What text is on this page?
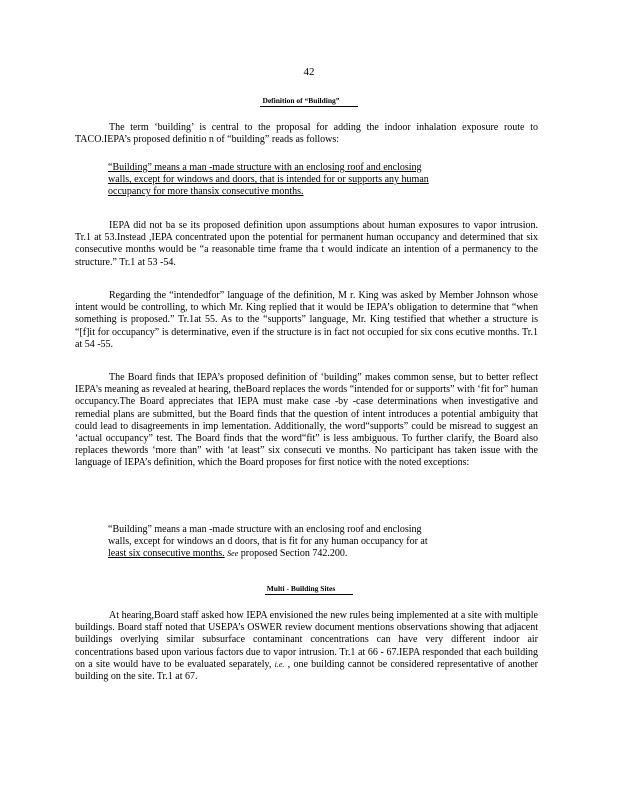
42
Definition of “Building”

The term ‘building’ is central to the proposal for adding the indoor inhalation exposure route to TACO.IEPA’s proposed definitio n of “building” reads as follows:

“Building” means a man -made structure with an enclosing roof and enclosing
walls, except for windows and doors, that is intended for or supports any human
occupancy for more thansix consecutive months.

IEPA did not ba se its proposed definition upon assumptions about human exposures to vapor intrusion. Tr.1 at 53.Instead ,IEPA concentrated upon the potential for permanent human occupancy and determined that six consecutive months would be “a reasonable time frame tha t would indicate an intention of a permanency to the structure.” Tr.1 at 53 -54.

Regarding the “intendedfor” language of the definition, M r. King was asked by Member Johnson whose intent would be controlling, to which Mr. King replied that it would be IEPA’s obligation to determine that “when something is proposed.” Tr.1at 55. As to the “supports” language, Mr. King testified that whether a structure is “[f]it for occupancy” is determinative, even if the structure is in fact not occupied for six cons ecutive months. Tr.1 at 54 -55.

The Board finds that IEPA’s proposed definition of ‘building” makes common sense, but to better reflect IEPA’s meaning as revealed at hearing, theBoard replaces the words “intended for or supports” with ‘fit for” human occupancy.The Board appreciates that IEPA must make case -by -case determinations when investigative and remedial plans are submitted, but the Board finds that the question of intent introduces a potential ambiguity that could lead to disagreements in imp lementation. Additionally, the word“supports” could be misread to suggest an ‘actual occupancy” test. The Board finds that the word“fit” is less ambiguous. To further clarify, the Board also replaces thewords ‘more than” with ‘at least” six consecuti ve months. No participant has taken issue with the language of IEPA’s definition, which the Board proposes for first notice with the noted exceptions:

“Building” means a man -made structure with an enclosing roof and enclosing
walls, except for windows an d doors, that is fit for any human occupancy for at
least six consecutive months. See proposed Section 742.200.
Multi - Building Sites

At hearing,Board staff asked how IEPA envisioned the new rules being implemented at a site with multiple buildings. Board staff noted that USEPA’s OSWER review document mentions observations showing that adjacent buildings overlying similar subsurface contaminant concentrations can have very different indoor air concentrations based upon various factors due to vapor intrusion. Tr.1 at 66 - 67.IEPA responded that each building on a site would have to be evaluated separately, i.e. , one building cannot be considered representative of another building on the site. Tr.1 at 67.
